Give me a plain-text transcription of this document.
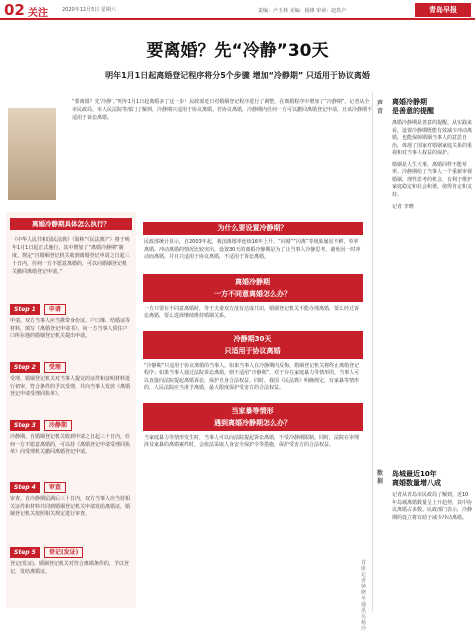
02 关注	2020年12月5日 星期六	责编：卢玉林 美编：杨锋 审读：赵玖卢	青岛早报
要离婚？先“冷静”30天
明年1月1日起离婚登记程序将分5个步骤 增加“冷静期” 只适用于协议离婚
“要离婚？先‘冷静’。”明年1月1日起离婚多了这一步！民政部近日对婚姻登记程序进行了调整，在离婚程序中增加了“冷静期”。记者从全市民政局、市人民法院等部门了解到，冷静期只适用于协议离婚。若协议离婚，冷静期内任何一方可以撤回离婚登记申请，且该冷静期不适用于诉讼离婚。
离婚冷静期具体怎么执行？
《中华人民共和国民法典》（简称“《民法典》”）将于明年1月1日起正式施行，其中增加了“离婚冷静期”制度。规定“自婚姻登记机关收到离婚登记申请之日起三十日内，任何一方不愿意离婚的，可以向婚姻登记机关撤回离婚登记申请。”
Step 1	申请
申请。双方当事人应当携带身份证、户口簿、结婚证等材料，填写《离婚登记申请书》，向一方当事人常住户口所在地的婚姻登记机关提出申请。
Step 2	受理
受理。婚姻登记机关对当事人提交的证件和证明材料进行初审，符合条件的予以受理，并向当事人发放《离婚登记申请受理回执单》。
Step 3	冷静期
冷静期。自婚姻登记机关收到申请之日起三十日内，任何一方不愿意离婚的，可以持《离婚登记申请受理回执单》向受理机关撤回离婚登记申请。
Step 4	审查
审查。自冷静期届满后三十日内，双方当事人应当持相关证件和材料共同到婚姻登记机关申请发给离婚证，婚姻登记机关按照相关规定进行审查。
Step 5	登记(发证)
登记(发证)。婚姻登记机关对符合离婚条件的，予以登记，发给离婚证。
为什么要设置冷静期？
民政部统计显示，自2003年起，我国离婚率连续16年上升。“闪婚”“闪离”等现象屡见不鲜，草率离婚、冲动离婚的情况比较突出。设置30天的离婚冷静期是为了让当事人冷静思考，避免因一时冲动而离婚，并且只适用于协议离婚，不适用于诉讼离婚。
离婚冷静期
一方不同意离婚怎么办？
一方只要在不同意离婚时，等于夫妻双方没有达成共识，婚姻登记机关不能办理离婚，要么经过诉讼离婚，要么选择继续维持婚姻关系。
冷静期30天
只适用于协议离婚
“冷静期”只适用于协议离婚的当事人。如果当事人在冷静期内反悔，婚姻登记机关将终止离婚登记程序；如果当事人通过法院诉讼离婚，则不适用“冷静期”。对于存在家庭暴力等情形的，当事人可以直接向法院提起离婚诉讼，保护自身合法权益。同时，我国《民法典》明确规定，有家暴等情形的，人民法院应当准予离婚，最大限度保护受害方的合法权益。
当家暴等情形
遇到离婚冷静期怎么办？
当家庭暴力等情形发生时，当事人可以向法院提起诉讼离婚，不受冷静期限制。同时，法院在审理涉及家暴的离婚案件时，会依法采取人身安全保护令等措施，保护受害方的合法权益。
首席记者 钟晓冬 通讯员 杨玲
声音
离婚冷静期
是善意的提醒
离婚冷静期是善意的提醒。从实践来看，设置冷静期既能有效减少冲动离婚，也能保障婚姻当事人的意思自治，体现了国家对婚姻家庭关系的重视和对当事人权益的保护。
婚姻是人生大事，离婚同样不能草率。冷静期给了当事人一个重新审视婚姻、理性思考的机会，有利于维护家庭稳定和社会和谐，值得肯定和支持。
记者 李晓
数据
岛城最近10年
离婚数量增八成
记者从青岛市民政局了解到，近10年岛城离婚数量呈上升趋势，其中协议离婚占多数。民政部门表示，冷静期的设立将有助于减少冲动离婚。
